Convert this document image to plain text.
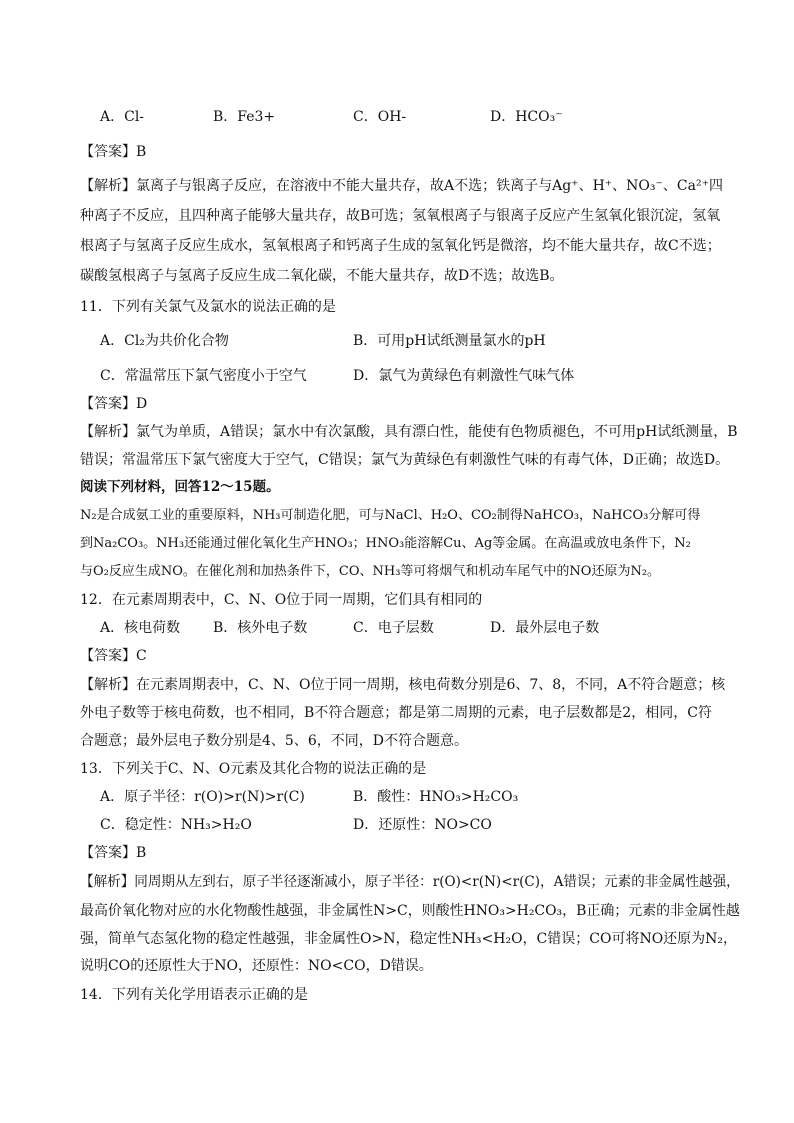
A．Cl-	B．Fe3+	C．OH-	D．HCO₃⁻
【答案】B
【解析】氯离子与银离子反应，在溶液中不能大量共存，故A不选；铁离子与Ag⁺、H⁺、NO₃⁻、Ca²⁺四
种离子不反应，且四种离子能够大量共存，故B可选；氢氧根离子与银离子反应产生氢氧化银沉淀，氢氧
根离子与氢离子反应生成水，氢氧根离子和钙离子生成的氢氧化钙是微溶，均不能大量共存，故C不选；
碳酸氢根离子与氢离子反应生成二氧化碳，不能大量共存，故D不选；故选B。
11．下列有关氯气及氯水的说法正确的是
A．Cl₂为共价化合物	B．可用pH试纸测量氯水的pH
C．常温常压下氯气密度小于空气	D．氯气为黄绿色有刺激性气味气体
【答案】D
【解析】氯气为单质，A错误；氯水中有次氯酸，具有漂白性，能使有色物质褪色，不可用pH试纸测量，B
错误；常温常压下氯气密度大于空气，C错误；氯气为黄绿色有刺激性气味的有毒气体，D正确；故选D。
阅读下列材料，回答12～15题。
N₂是合成氨工业的重要原料，NH₃可制造化肥，可与NaCl、H₂O、CO₂制得NaHCO₃，NaHCO₃分解可得
到Na₂CO₃。NH₃还能通过催化氧化生产HNO₃；HNO₃能溶解Cu、Ag等金属。在高温或放电条件下，N₂
与O₂反应生成NO。在催化剂和加热条件下，CO、NH₃等可将烟气和机动车尾气中的NO还原为N₂。
12．在元素周期表中，C、N、O位于同一周期，它们具有相同的
A．核电荷数 B．核外电子数	C．电子层数	D．最外层电子数
【答案】C
【解析】在元素周期表中，C、N、O位于同一周期，核电荷数分别是6、7、8，不同，A不符合题意；核
外电子数等于核电荷数，也不相同，B不符合题意；都是第二周期的元素，电子层数都是2，相同，C符
合题意；最外层电子数分别是4、5、6，不同，D不符合题意。
13．下列关于C、N、O元素及其化合物的说法正确的是
A．原子半径：r(O)>r(N)>r(C)	B．酸性：HNO₃>H₂CO₃
C．稳定性：NH₃>H₂O	D．还原性：NO>CO
【答案】B
【解析】同周期从左到右，原子半径逐渐减小，原子半径：r(O)<r(N)<r(C)，A错误；元素的非金属性越强，
最高价氧化物对应的水化物酸性越强，非金属性N>C，则酸性HNO₃>H₂CO₃，B正确；元素的非金属性越
强，简单气态氢化物的稳定性越强，非金属性O>N，稳定性NH₃<H₂O，C错误；CO可将NO还原为N₂，
说明CO的还原性大于NO，还原性：NO<CO，D错误。
14．下列有关化学用语表示正确的是
